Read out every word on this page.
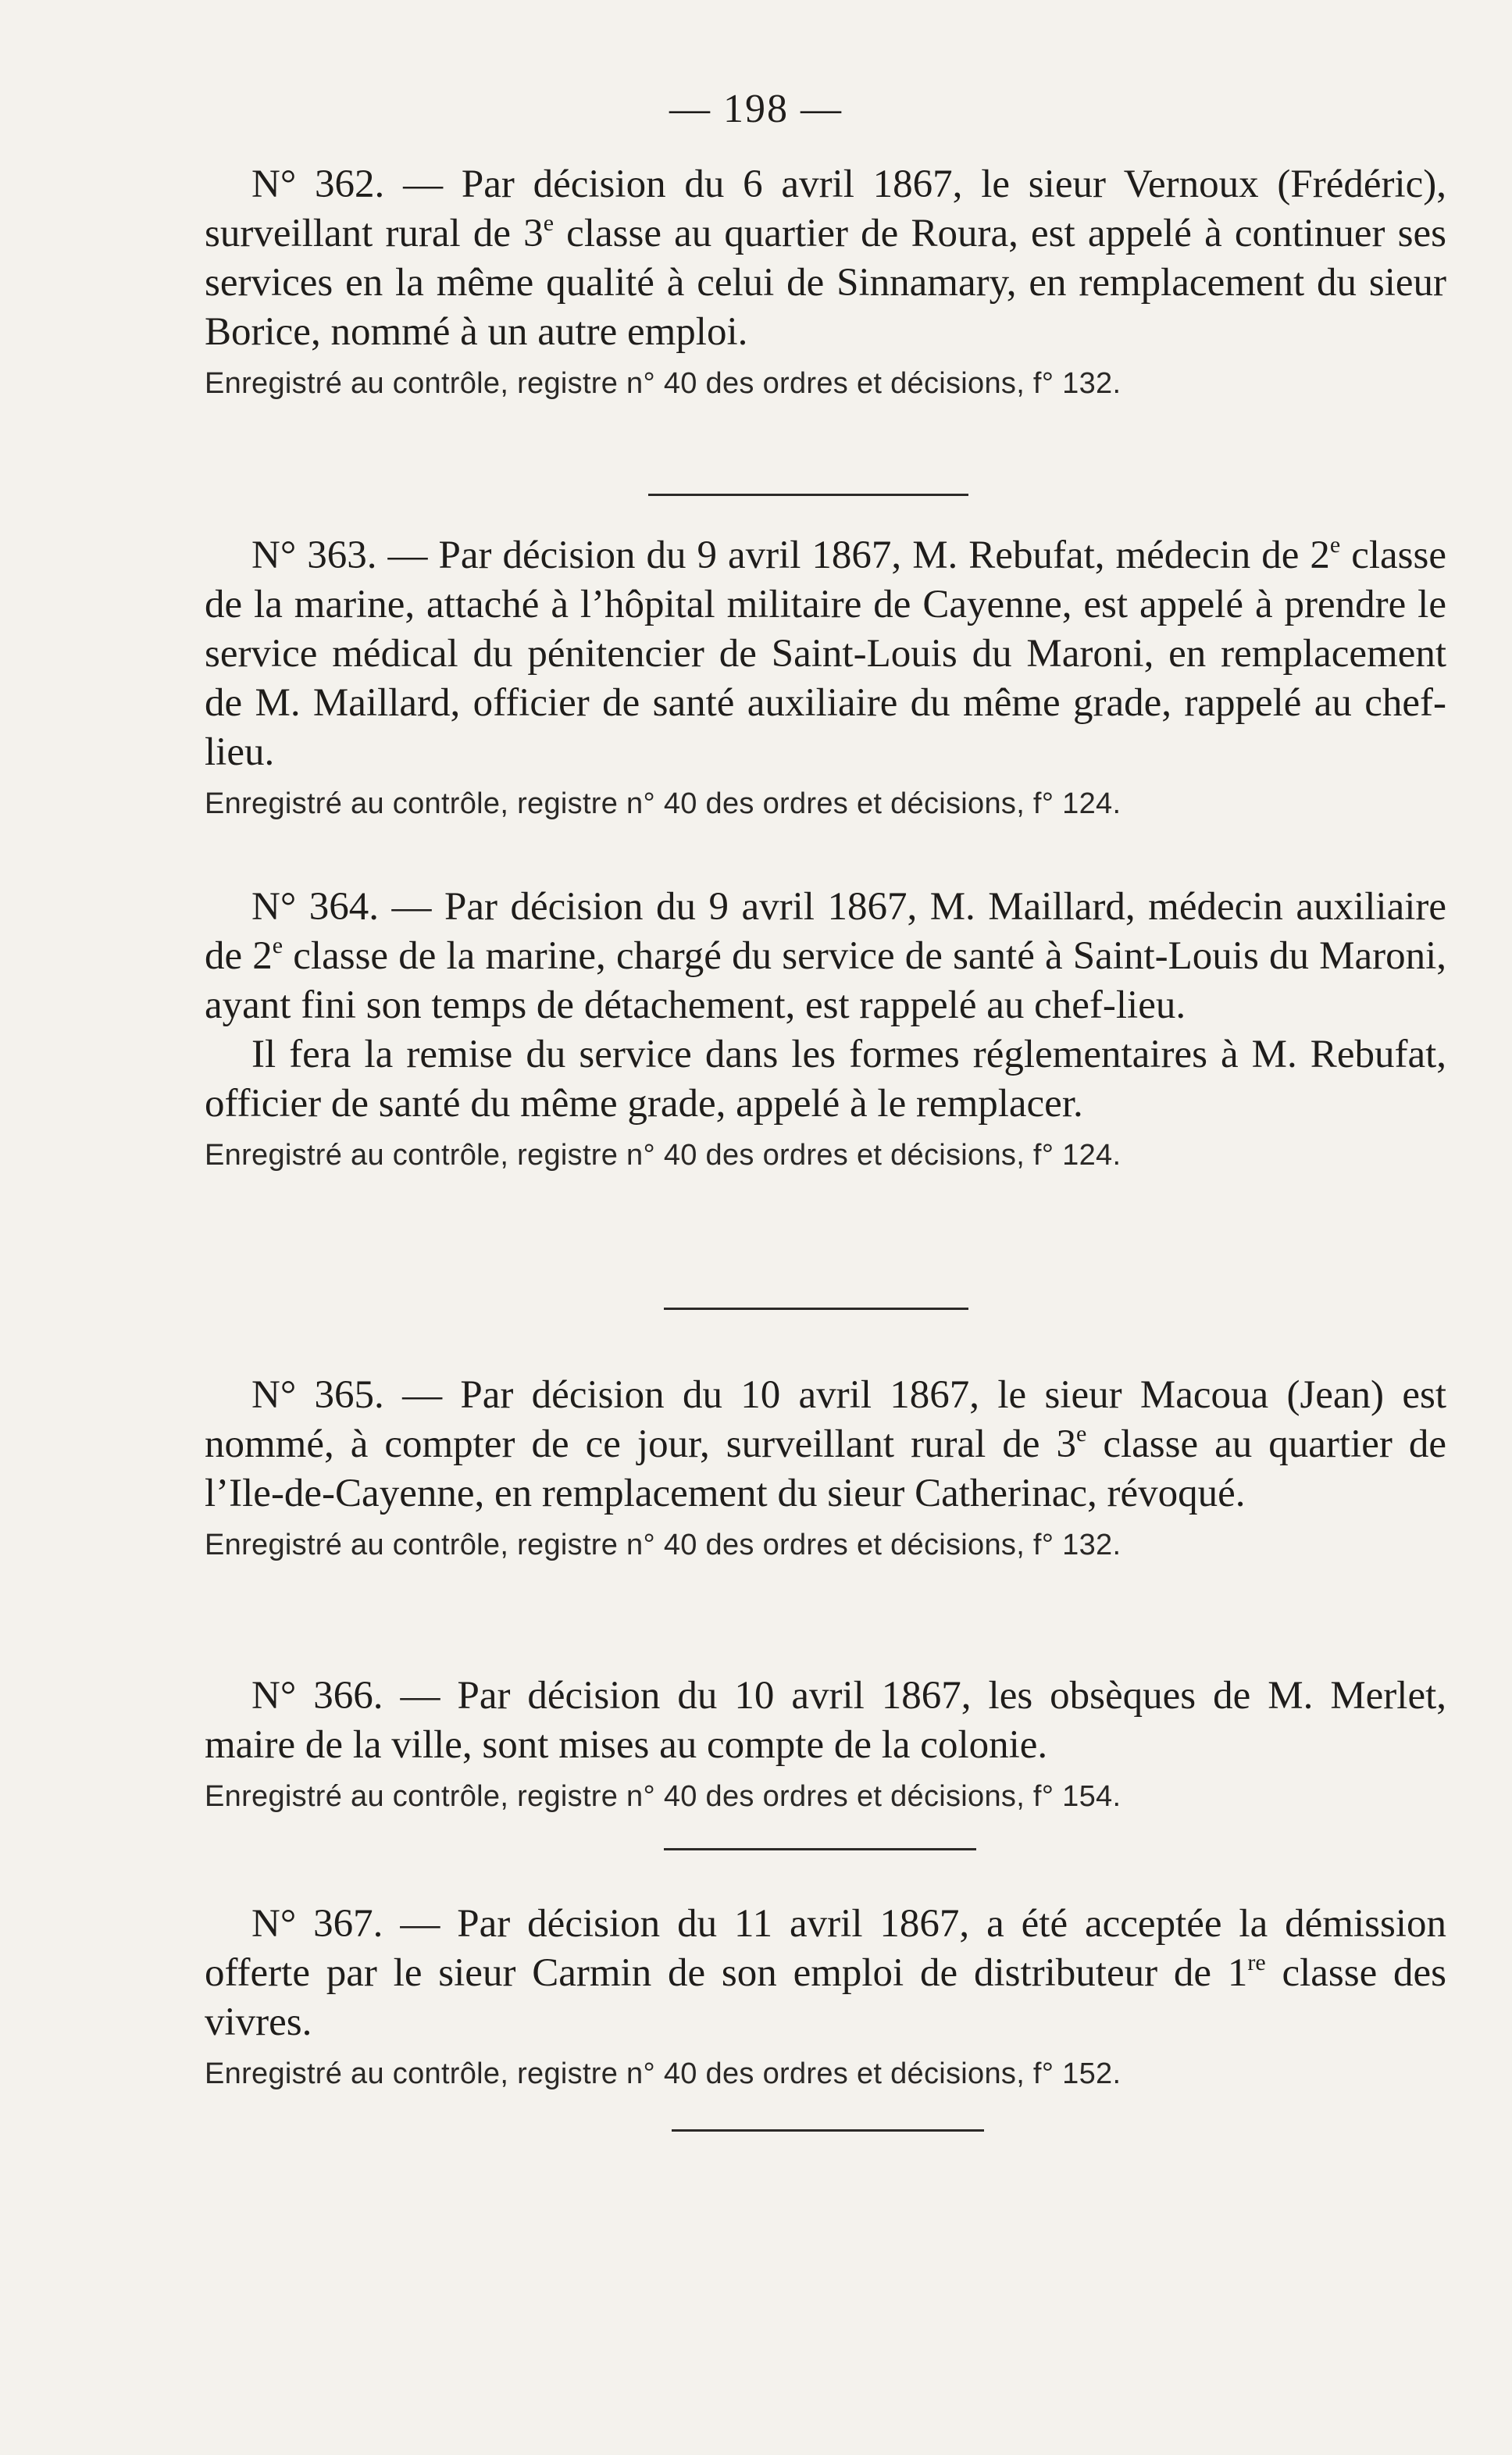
— 198 —

N° 362. — Par décision du 6 avril 1867, le sieur Vernoux (Frédéric), surveillant rural de 3e classe au quartier de Roura, est appelé à continuer ses services en la même qualité à celui de Sinnamary, en remplacement du sieur Borice, nommé à un autre emploi.

Enregistré au contrôle, registre n° 40 des ordres et décisions, f° 132.

N° 363. — Par décision du 9 avril 1867, M. Rebufat, médecin de 2e classe de la marine, attaché à l’hôpital militaire de Cayenne, est appelé à prendre le service médical du pénitencier de Saint-Louis du Maroni, en remplacement de M. Maillard, officier de santé auxiliaire du même grade, rappelé au chef-lieu.

Enregistré au contrôle, registre n° 40 des ordres et décisions, f° 124.

N° 364. — Par décision du 9 avril 1867, M. Maillard, médecin auxiliaire de 2e classe de la marine, chargé du service de santé à Saint-Louis du Maroni, ayant fini son temps de détachement, est rappelé au chef-lieu.

Il fera la remise du service dans les formes réglementaires à M. Rebufat, officier de santé du même grade, appelé à le remplacer.

Enregistré au contrôle, registre n° 40 des ordres et décisions, f° 124.

N° 365. — Par décision du 10 avril 1867, le sieur Macoua (Jean) est nommé, à compter de ce jour, surveillant rural de 3e classe au quartier de l’Ile-de-Cayenne, en remplacement du sieur Catherinac, révoqué.

Enregistré au contrôle, registre n° 40 des ordres et décisions, f° 132.

N° 366. — Par décision du 10 avril 1867, les obsèques de M. Merlet, maire de la ville, sont mises au compte de la colonie.

Enregistré au contrôle, registre n° 40 des ordres et décisions, f° 154.

N° 367. — Par décision du 11 avril 1867, a été acceptée la démission offerte par le sieur Carmin de son emploi de distributeur de 1re classe des vivres.

Enregistré au contrôle, registre n° 40 des ordres et décisions, f° 152.
